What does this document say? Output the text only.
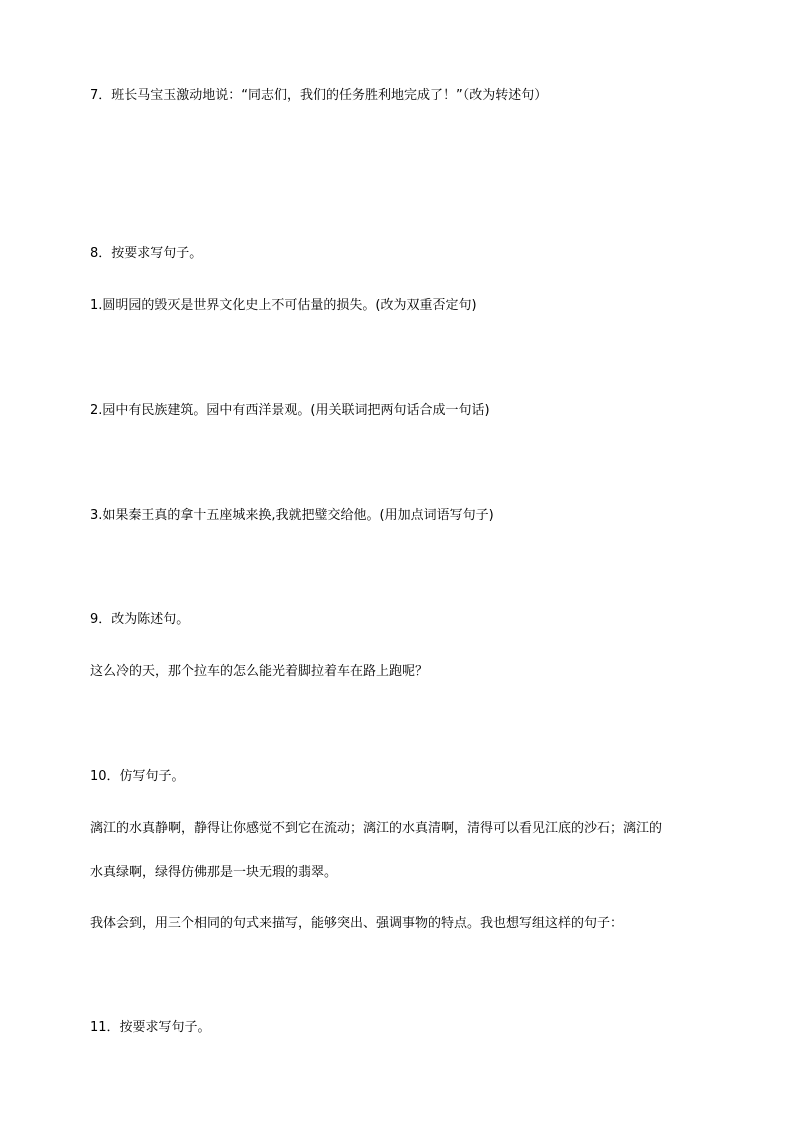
7．班长马宝玉激动地说：“同志们，我们的任务胜利地完成了！”（改为转述句）
8．按要求写句子。
1.圆明园的毁灭是世界文化史上不可估量的损失。(改为双重否定句)
2.园中有民族建筑。园中有西洋景观。(用关联词把两句话合成一句话)
3.如果秦王真的拿十五座城来换,我就把璧交给他。(用加点词语写句子)
9．改为陈述句。
这么冷的天，那个拉车的怎么能光着脚拉着车在路上跑呢？
10．仿写句子。
漓江的水真静啊，静得让你感觉不到它在流动；漓江的水真清啊，清得可以看见江底的沙石；漓江的
水真绿啊，绿得仿佛那是一块无瑕的翡翠。
我体会到，用三个相同的句式来描写，能够突出、强调事物的特点。我也想写组这样的句子：
11．按要求写句子。
